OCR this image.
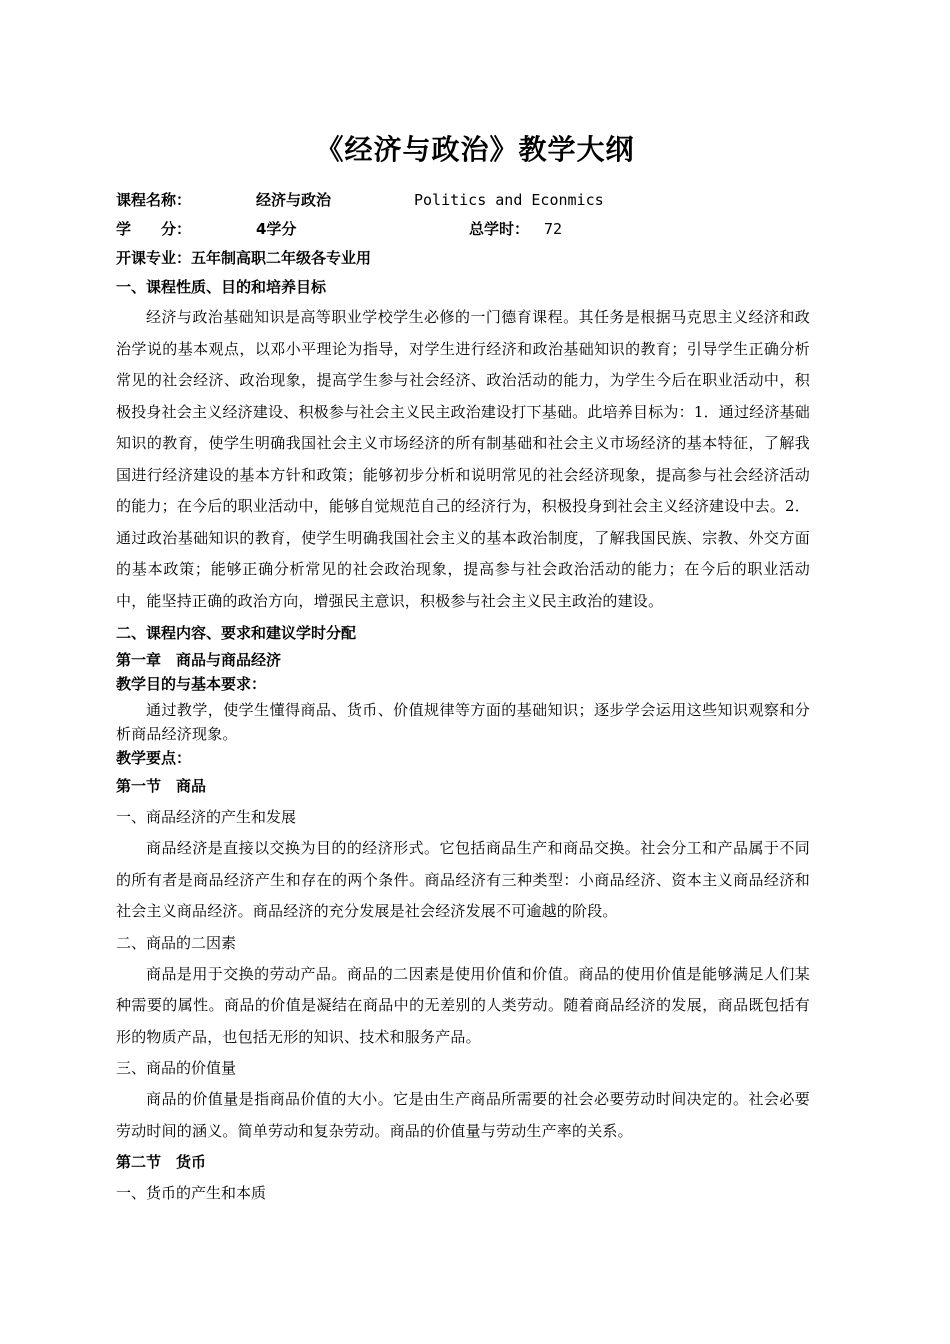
《经济与政治》教学大纲
课程名称：	经济与政治	Politics and Econmics
学　　分：	4学分	总学时： 72
开课专业：五年制高职二年级各专业用

一、课程性质、目的和培养目标

经济与政治基础知识是高等职业学校学生必修的一门德育课程。其任务是根据马克思主义经济和政治学说的基本观点，以邓小平理论为指导，对学生进行经济和政治基础知识的教育；引导学生正确分析常见的社会经济、政治现象，提高学生参与社会经济、政治活动的能力，为学生今后在职业活动中，积极投身社会主义经济建设、积极参与社会主义民主政治建设打下基础。此培养目标为：1．通过经济基础知识的教育，使学生明确我国社会主义市场经济的所有制基础和社会主义市场经济的基本特征，了解我国进行经济建设的基本方针和政策；能够初步分析和说明常见的社会经济现象，提高参与社会经济活动的能力；在今后的职业活动中，能够自觉规范自己的经济行为，积极投身到社会主义经济建设中去。2．通过政治基础知识的教育，使学生明确我国社会主义的基本政治制度，了解我国民族、宗教、外交方面的基本政策；能够正确分析常见的社会政治现象，提高参与社会政治活动的能力；在今后的职业活动中，能坚持正确的政治方向，增强民主意识，积极参与社会主义民主政治的建设。

二、课程内容、要求和建议学时分配

第一章　商品与商品经济

教学目的与基本要求：

通过教学，使学生懂得商品、货币、价值规律等方面的基础知识；逐步学会运用这些知识观察和分析商品经济现象。

教学要点：

第一节　商品

一、商品经济的产生和发展

商品经济是直接以交换为目的的经济形式。它包括商品生产和商品交换。社会分工和产品属于不同的所有者是商品经济产生和存在的两个条件。商品经济有三种类型：小商品经济、资本主义商品经济和社会主义商品经济。商品经济的充分发展是社会经济发展不可逾越的阶段。

二、商品的二因素

商品是用于交换的劳动产品。商品的二因素是使用价值和价值。商品的使用价值是能够满足人们某种需要的属性。商品的价值是凝结在商品中的无差别的人类劳动。随着商品经济的发展，商品既包括有形的物质产品，也包括无形的知识、技术和服务产品。

三、商品的价值量

商品的价值量是指商品价值的大小。它是由生产商品所需要的社会必要劳动时间决定的。社会必要劳动时间的涵义。简单劳动和复杂劳动。商品的价值量与劳动生产率的关系。

第二节　货币

一、货币的产生和本质
